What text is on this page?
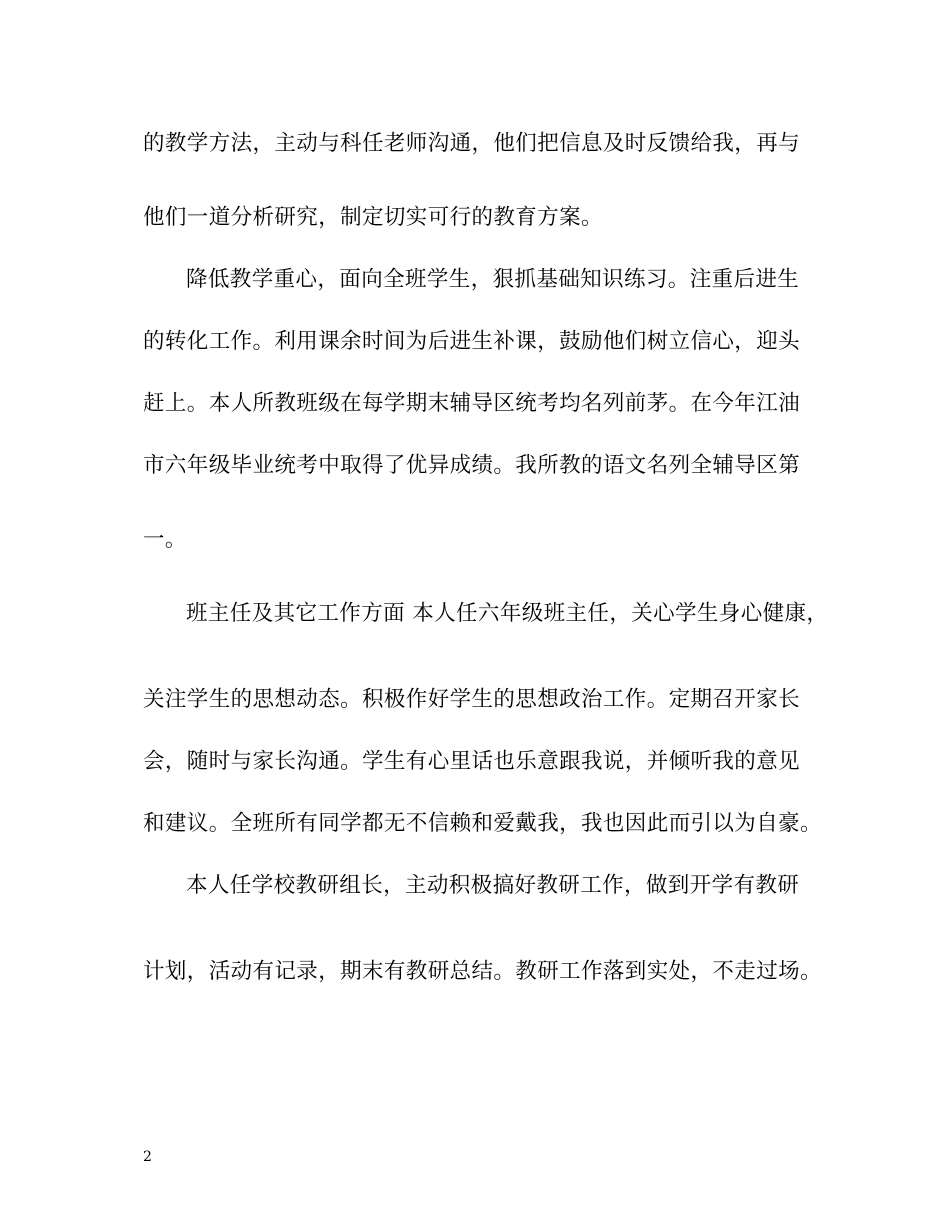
的教学方法，主动与科任老师沟通，他们把信息及时反馈给我，再与
他们一道分析研究，制定切实可行的教育方案。
降低教学重心，面向全班学生，狠抓基础知识练习。注重后进生
的转化工作。利用课余时间为后进生补课，鼓励他们树立信心，迎头
赶上。本人所教班级在每学期末辅导区统考均名列前茅。在今年江油
市六年级毕业统考中取得了优异成绩。我所教的语文名列全辅导区第
一。
班主任及其它工作方面 本人任六年级班主任，关心学生身心健康，
关注学生的思想动态。积极作好学生的思想政治工作。定期召开家长
会，随时与家长沟通。学生有心里话也乐意跟我说，并倾听我的意见
和建议。全班所有同学都无不信赖和爱戴我，我也因此而引以为自豪。
本人任学校教研组长，主动积极搞好教研工作，做到开学有教研
计划，活动有记录，期末有教研总结。教研工作落到实处，不走过场。
2
